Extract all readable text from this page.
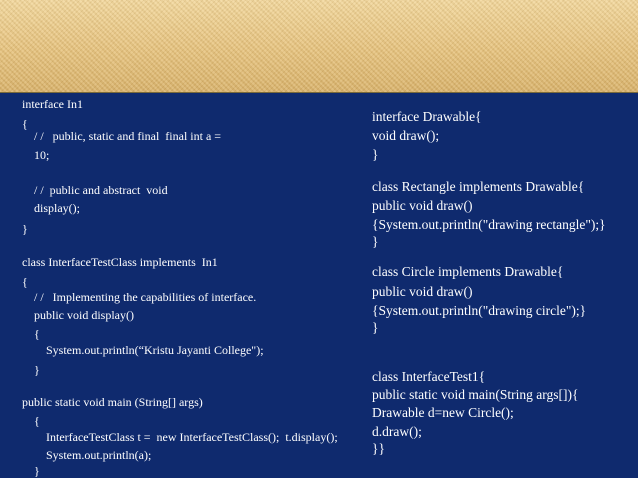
interface In1
{
/ /   public, static and final  final int a =
10;
/ /  public and abstract  void
display();
}
class InterfaceTestClass implements  In1
{
/ /   Implementing the capabilities of interface.
public void display()
{
System.out.println(“Kristu Jayanti College");
}
public static void main (String[] args)
{
InterfaceTestClass t =  new InterfaceTestClass();  t.display();
System.out.println(a);
}
interface Drawable{
void draw();
}
class Rectangle implements Drawable{
public void draw()
{System.out.println("drawing rectangle");}
}
class Circle implements Drawable{
public void draw()
{System.out.println("drawing circle");}
}
class InterfaceTest1{
public static void main(String args[]){
Drawable d=new Circle();
d.draw();
}}
